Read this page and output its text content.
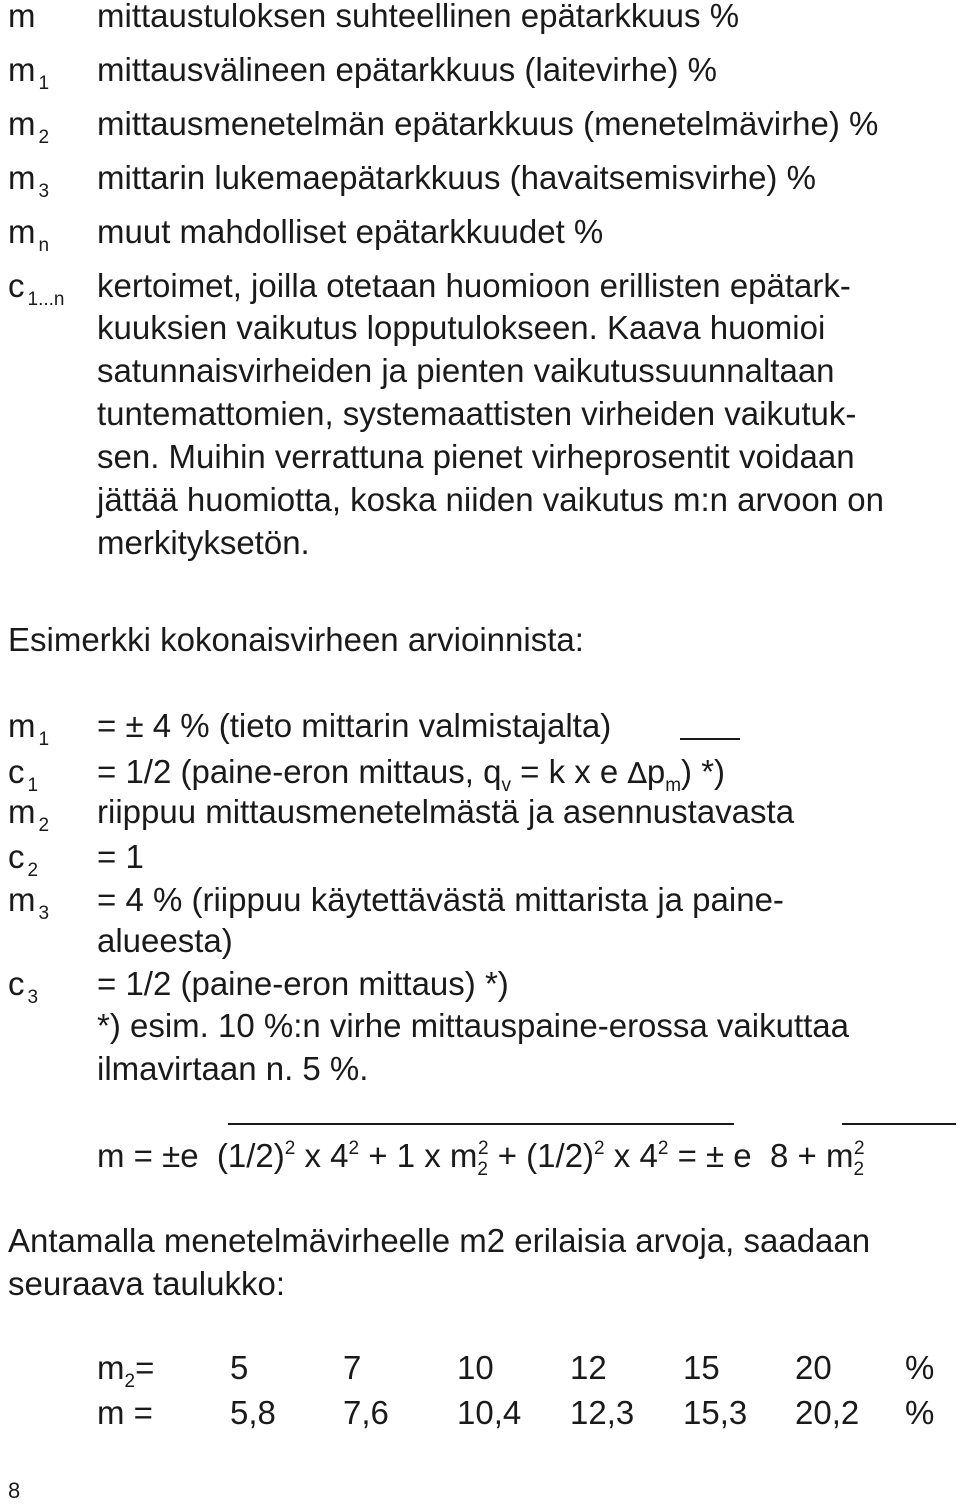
m mittaustuloksen suhteellinen epätarkkuus %
m $_1$ mittausvälineen epätarkkuus (laitevirhe) %
m $_2$ mittausmenetelmän epätarkkuus (menetelmävirhe) %
m $_3$ mittarin lukemaepätarkkuus (havaitsemisvirhe) %
m $_n$ muut mahdolliset epätarkkuudet %
c $_{1...n}$ kertoimet, joilla otetaan huomioon erillisten epätark-
kuuksien vaikutus lopputulokseen. Kaava huomioi
satunnaisvirheiden ja pienten vaikutussuunnaltaan
tuntemattomien, systemaattisten virheiden vaikutuk-
sen. Muihin verrattuna pienet virheprosentit voidaan
jättää huomiotta, koska niiden vaikutus m:n arvoon on
merkityksetön.
Esimerkki kokonaisvirheen arvioinnista:
m $_1$ = ± 4 % (tieto mittarin valmistajalta)
c $_1$ = 1/2 (paine-eron mittaus, $q_v = k$ x e $\Delta p_m$) *)
m $_2$ riippuu mittausmenetelmästä ja asennustavasta
c $_2$ = 1
m $_3$ = 4 % (riippuu käytettävästä mittarista ja paine-
alueesta)
c $_3$ = 1/2 (paine-eron mittaus) *)
*) esim. 10 %:n virhe mittauspaine-erossa vaikuttaa
ilmavirtaan n. 5 %.
m = ±e $(1/2)^2$ x $4^2 + 1$ x $m_2^2 + (1/2)^2$ x $4^2$ = ± e $8 + m_2^2$
Antamalla menetelmävirheelle m2 erilaisia arvoja, saadaan
seuraava taulukko:
$m_2= 5$	7	10 12 15 20 %
m = 5,8 7,6 10,4 12,3 15,3 20,2 %
8
